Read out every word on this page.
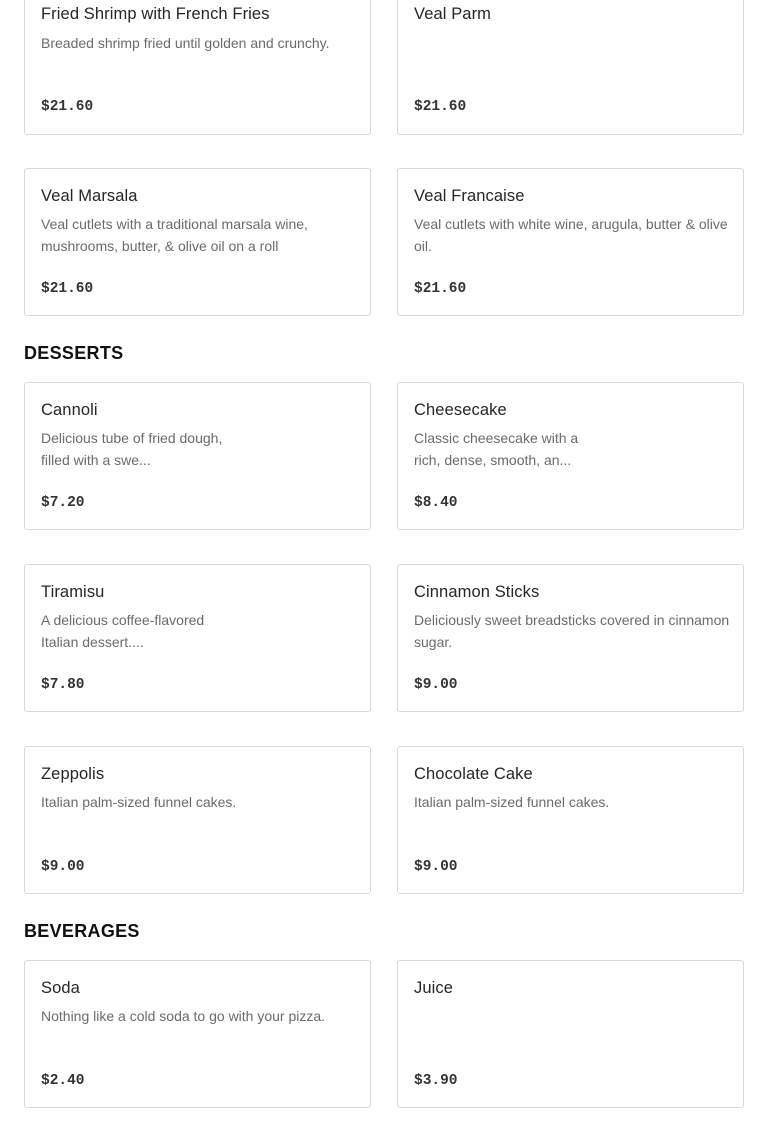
Fried Shrimp with French Fries
Breaded shrimp fried until golden and crunchy.
$21.60
Veal Parm
$21.60
Veal Marsala
Veal cutlets with a traditional marsala wine, mushrooms, butter, & olive oil on a roll
$21.60
Veal Francaise
Veal cutlets with white wine, arugula, butter & olive oil.
$21.60
DESSERTS
Cannoli
Delicious tube of fried dough, filled with a swe...
$7.20
Cheesecake
Classic cheesecake with a rich, dense, smooth, an...
$8.40
Tiramisu
A delicious coffee-flavored Italian dessert....
$7.80
Cinnamon Sticks
Deliciously sweet breadsticks covered in cinnamon sugar.
$9.00
Zeppolis
Italian palm-sized funnel cakes.
$9.00
Chocolate Cake
Italian palm-sized funnel cakes.
$9.00
BEVERAGES
Soda
Nothing like a cold soda to go with your pizza.
$2.40
Juice
$3.90
